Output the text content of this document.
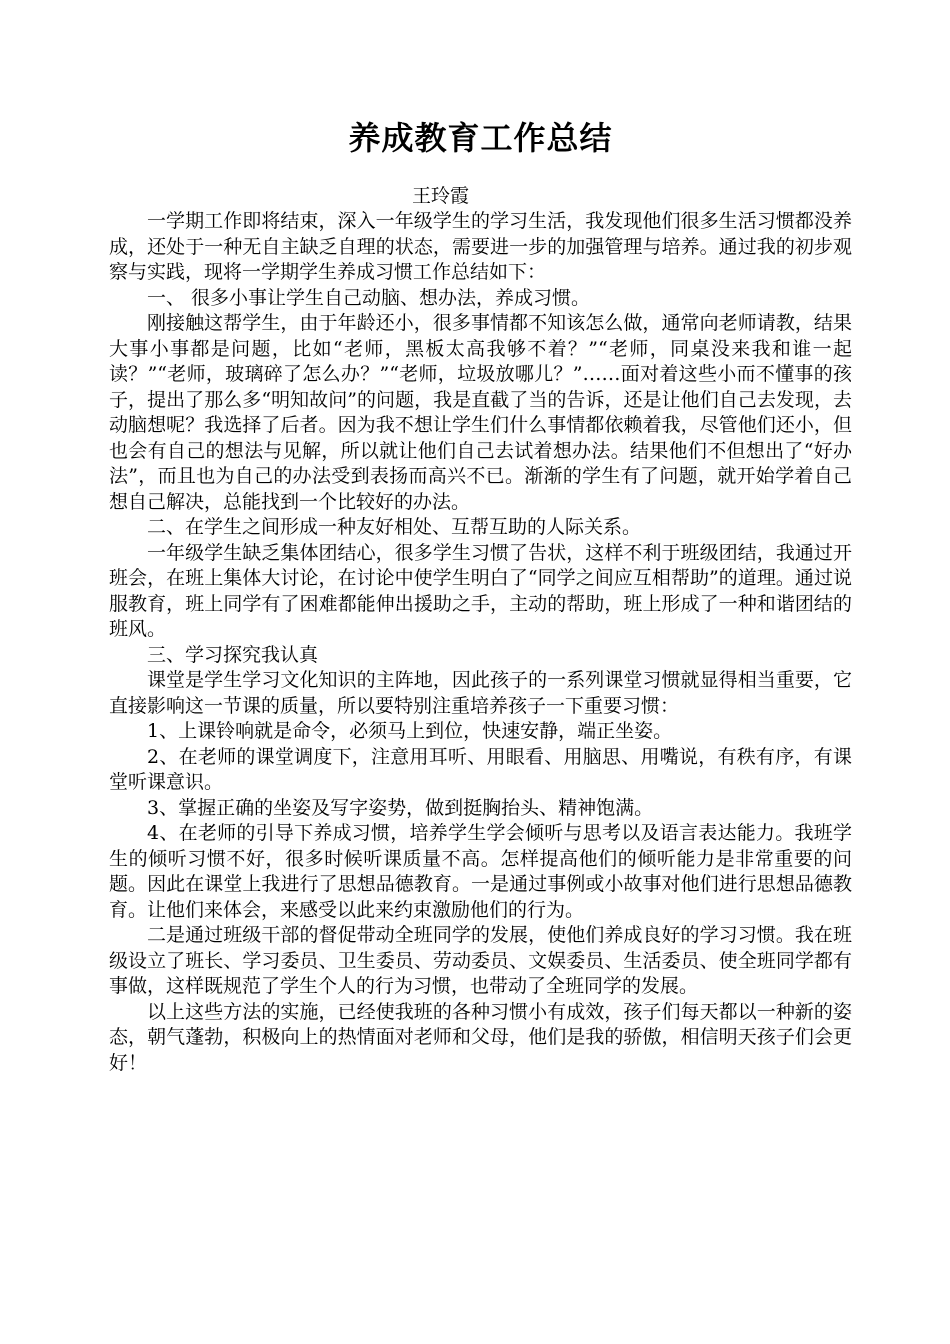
养成教育工作总结

王玲霞

一学期工作即将结束，深入一年级学生的学习生活，我发现他们很多生活习惯都没养成，还处于一种无自主缺乏自理的状态，需要进一步的加强管理与培养。通过我的初步观察与实践，现将一学期学生养成习惯工作总结如下：

一、 很多小事让学生自己动脑、想办法，养成习惯。

刚接触这帮学生，由于年龄还小，很多事情都不知该怎么做，通常向老师请教，结果大事小事都是问题，比如“老师，黑板太高我够不着？”“老师，同桌没来我和谁一起读？”“老师，玻璃碎了怎么办？”“老师，垃圾放哪儿？”……面对着这些小而不懂事的孩子，提出了那么多“明知故问”的问题，我是直截了当的告诉，还是让他们自己去发现，去动脑想呢？我选择了后者。因为我不想让学生们什么事情都依赖着我，尽管他们还小，但也会有自己的想法与见解，所以就让他们自己去试着想办法。结果他们不但想出了“好办法”，而且也为自己的办法受到表扬而高兴不已。渐渐的学生有了问题，就开始学着自己想自己解决，总能找到一个比较好的办法。

二、在学生之间形成一种友好相处、互帮互助的人际关系。

一年级学生缺乏集体团结心，很多学生习惯了告状，这样不利于班级团结，我通过开班会，在班上集体大讨论，在讨论中使学生明白了“同学之间应互相帮助”的道理。通过说服教育，班上同学有了困难都能伸出援助之手，主动的帮助，班上形成了一种和谐团结的班风。

三、学习探究我认真

课堂是学生学习文化知识的主阵地，因此孩子的一系列课堂习惯就显得相当重要，它直接影响这一节课的质量，所以要特别注重培养孩子一下重要习惯：

1、上课铃响就是命令，必须马上到位，快速安静，端正坐姿。

2、在老师的课堂调度下，注意用耳听、用眼看、用脑思、用嘴说，有秩有序，有课堂听课意识。

3、掌握正确的坐姿及写字姿势，做到挺胸抬头、精神饱满。

4、在老师的引导下养成习惯，培养学生学会倾听与思考以及语言表达能力。我班学生的倾听习惯不好，很多时候听课质量不高。怎样提高他们的倾听能力是非常重要的问题。因此在课堂上我进行了思想品德教育。一是通过事例或小故事对他们进行思想品德教育。让他们来体会，来感受以此来约束激励他们的行为。

二是通过班级干部的督促带动全班同学的发展，使他们养成良好的学习习惯。我在班级设立了班长、学习委员、卫生委员、劳动委员、文娱委员、生活委员、使全班同学都有事做，这样既规范了学生个人的行为习惯，也带动了全班同学的发展。

以上这些方法的实施，已经使我班的各种习惯小有成效，孩子们每天都以一种新的姿态，朝气蓬勃，积极向上的热情面对老师和父母，他们是我的骄傲，相信明天孩子们会更好！
